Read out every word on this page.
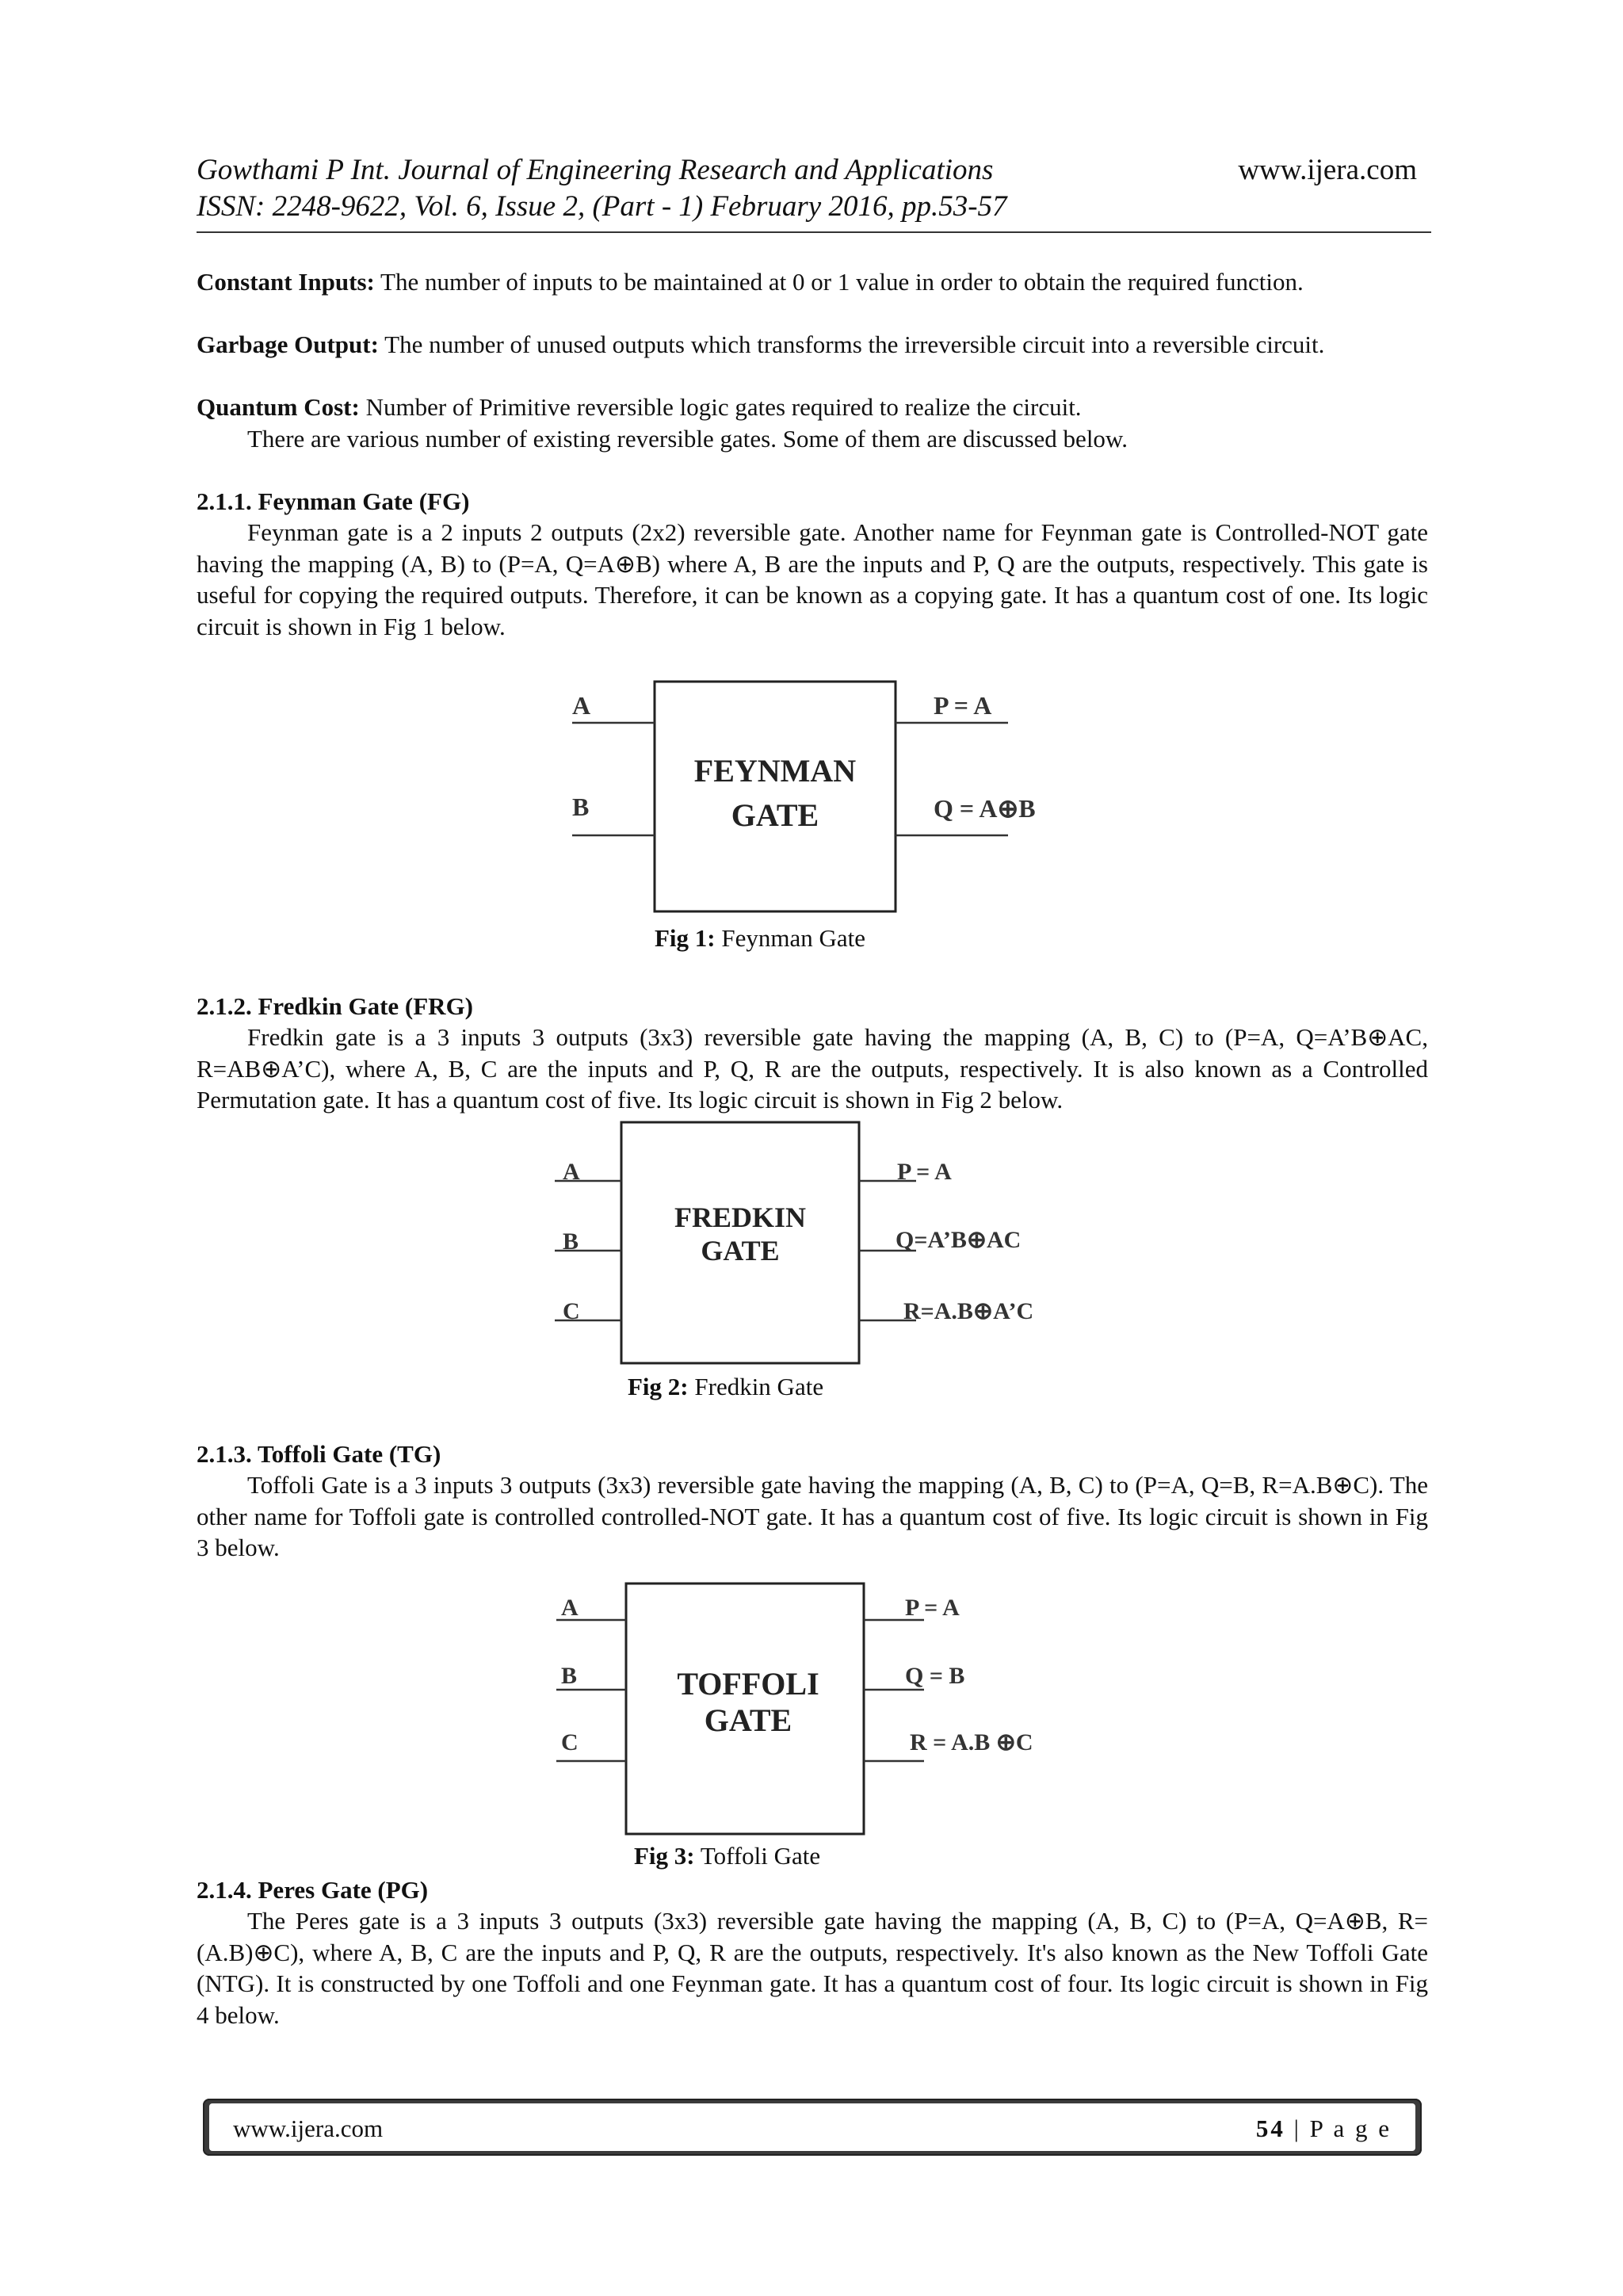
Gowthami P Int. Journal of Engineering Research and Applications	www.ijera.com
ISSN: 2248-9622, Vol. 6, Issue 2, (Part - 1) February 2016, pp.53-57

Constant Inputs: The number of inputs to be maintained at 0 or 1 value in order to obtain the required function.

Garbage Output: The number of unused outputs which transforms the irreversible circuit into a reversible circuit.

Quantum Cost: Number of Primitive reversible logic gates required to realize the circuit.

There are various number of existing reversible gates. Some of them are discussed below.

2.1.1. Feynman Gate (FG)

Feynman gate is a 2 inputs 2 outputs (2x2) reversible gate. Another name for Feynman gate is Controlled-NOT gate having the mapping (A, B) to (P=A, Q=A⊕B) where A, B are the inputs and P, Q are the outputs, respectively. This gate is useful for copying the required outputs. Therefore, it can be known as a copying gate. It has a quantum cost of one. Its logic circuit is shown in Fig 1 below.

A
B
FEYNMAN
GATE
P = A
Q = A⊕B
Fig 1: Feynman Gate
2.1.2. Fredkin Gate (FRG)

Fredkin gate is a 3 inputs 3 outputs (3x3) reversible gate having the mapping (A, B, C) to (P=A, Q=A’B⊕AC, R=AB⊕A’C), where A, B, C are the inputs and P, Q, R are the outputs, respectively. It is also known as a Controlled Permutation gate. It has a quantum cost of five. Its logic circuit is shown in Fig 2 below.

A
B
C
FREDKIN
GATE
P = A
Q=A’B⊕AC
R=A.B⊕A’C
Fig 2: Fredkin Gate
2.1.3. Toffoli Gate (TG)

Toffoli Gate is a 3 inputs 3 outputs (3x3) reversible gate having the mapping (A, B, C) to (P=A, Q=B, R=A.B⊕C). The other name for Toffoli gate is controlled controlled-NOT gate. It has a quantum cost of five. Its logic circuit is shown in Fig 3 below.

A
B
C
TOFFOLI
GATE
P = A
Q = B
R = A.B ⊕C
Fig 3: Toffoli Gate
2.1.4. Peres Gate (PG)

The Peres gate is a 3 inputs 3 outputs (3x3) reversible gate having the mapping (A, B, C) to (P=A, Q=A⊕B, R= (A.B)⊕C), where A, B, C are the inputs and P, Q, R are the outputs, respectively. It's also known as the New Toffoli Gate (NTG). It is constructed by one Toffoli and one Feynman gate. It has a quantum cost of four. Its logic circuit is shown in Fig 4 below.

www.ijera.com	54 | P a g e
